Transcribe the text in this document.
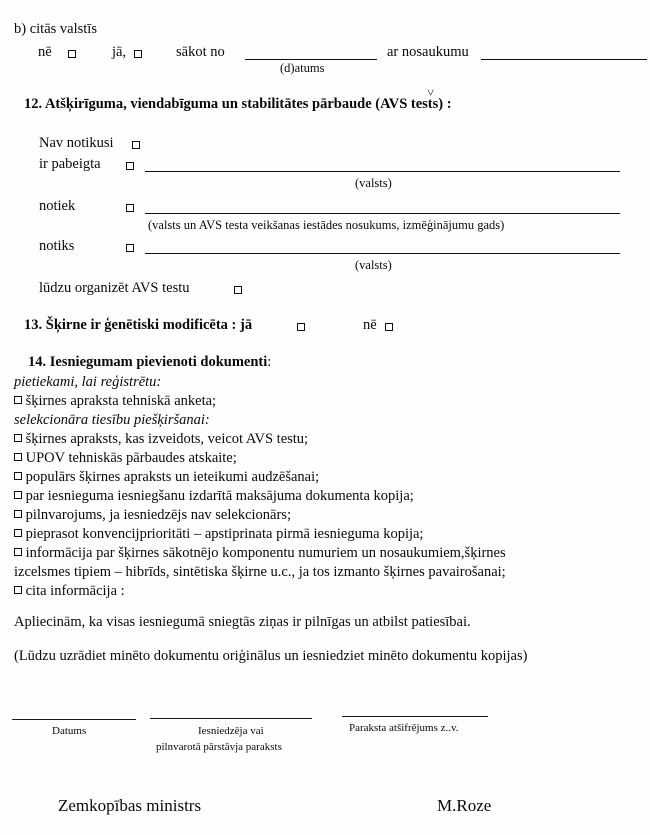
b) citās valstīs
nē	jā,	sākot no
(d)atums
ar nosaukumu
˅
12. Atšķirīguma, viendabīguma un stabilitātes pārbaude (AVS tests) :
Nav notikusi
ir pabeigta
(valsts)
notiek
(valsts un AVS testa veikšanas iestādes nosukums, izmēģinājumu gads)
notiks
(valsts)
lūdzu organizēt AVS testu
13. Šķirne ir ģenētiski modificēta : jā	nē
14. Iesniegumam pievienoti dokumenti:
pietiekami, lai reģistrētu:
šķirnes apraksta tehniskā anketa;
selekcionāra tiesību piešķiršanai:
šķirnes apraksts, kas izveidots, veicot AVS testu;
UPOV tehniskās pārbaudes atskaite;
populārs šķirnes apraksts un ieteikumi audzēšanai;
par iesnieguma iesniegšanu izdarītā maksājuma dokumenta kopija;
pilnvarojums, ja iesniedzējs nav selekcionārs;
pieprasot konvencijprioritāti – apstiprinata pirmā iesnieguma kopija;
informācija par šķirnes sākotnējo komponentu numuriem un nosaukumiem,šķirnes
izcelsmes tipiem – hibrīds, sintētiska šķirne u.c., ja tos izmanto šķirnes pavairošanai;
cita informācija :
Apliecinām, ka visas iesniegumā sniegtās ziņas ir pilnīgas un atbilst patiesībai.
(Lūdzu uzrādiet minēto dokumentu oriģinālus un iesniedziet minēto dokumentu kopijas)
Datums	Iesniedzēja vai
pilnvarotā pārstāvja paraksts
Paraksta atšifrējums z..v.
Zemkopības ministrs	M.Roze
